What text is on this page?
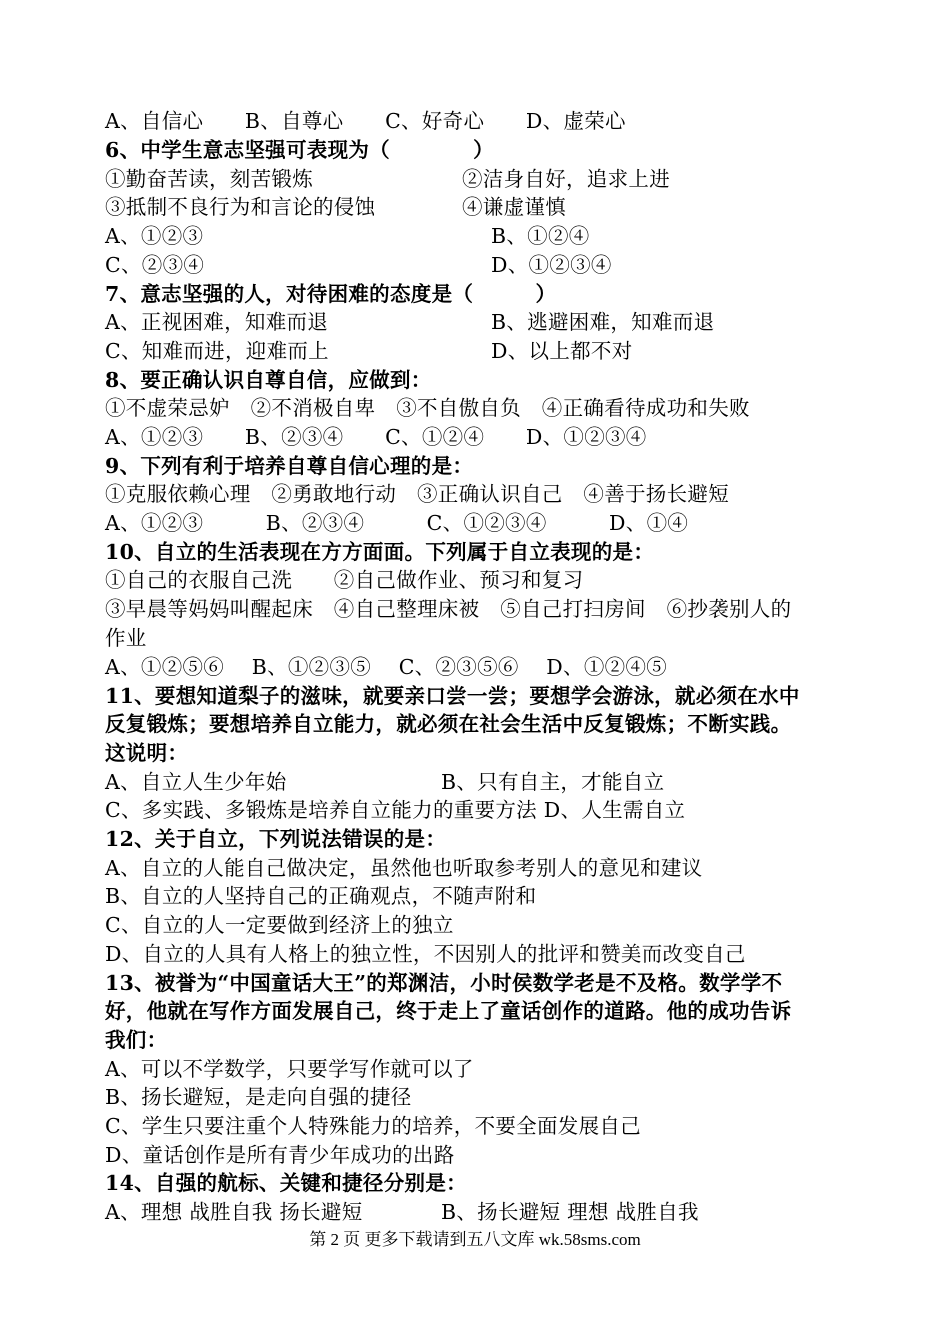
A、自信心　　B、自尊心　　C、好奇心　　D、虚荣心
6、中学生意志坚强可表现为（　　　　）
①勤奋苦读，刻苦锻炼	②洁身自好，追求上进
③抵制不良行为和言论的侵蚀	④谦虚谨慎
A、①②③	B、①②④
C、②③④	D、①②③④
7、意志坚强的人，对待困难的态度是（　　　）
A、正视困难，知难而退	B、逃避困难，知难而退
C、知难而进，迎难而上	D、以上都不对
8、要正确认识自尊自信，应做到：
①不虚荣忌妒　②不消极自卑　③不自傲自负　④正确看待成功和失败
A、①②③　　B、②③④　　C、①②④　　D、①②③④
9、下列有利于培养自尊自信心理的是：
①克服依赖心理　②勇敢地行动　③正确认识自己　④善于扬长避短
A、①②③　　　B、②③④　　　C、①②③④　　　D、①④
10、自立的生活表现在方方面面。下列属于自立表现的是：
①自己的衣服自己洗　　②自己做作业、预习和复习
③早晨等妈妈叫醒起床　④自己整理床被　⑤自己打扫房间　⑥抄袭别人的
作业
A、①②⑤⑥　 B、①②③⑤　 C、②③⑤⑥　 D、①②④⑤
11、要想知道梨子的滋味，就要亲口尝一尝；要想学会游泳，就必须在水中
反复锻炼；要想培养自立能力，就必须在社会生活中反复锻炼；不断实践。
这说明：
A、自立人生少年始	B、只有自主，才能自立
C、多实践、多锻炼是培养自立能力的重要方法 D、人生需自立
12、关于自立，下列说法错误的是：
A、自立的人能自己做决定，虽然他也听取参考别人的意见和建议
B、自立的人坚持自己的正确观点，不随声附和
C、自立的人一定要做到经济上的独立
D、自立的人具有人格上的独立性，不因别人的批评和赞美而改变自己
13、被誉为“中国童话大王”的郑渊洁，小时侯数学老是不及格。数学学不
好，他就在写作方面发展自己，终于走上了童话创作的道路。他的成功告诉
我们：
A、可以不学数学，只要学写作就可以了
B、扬长避短，是走向自强的捷径
C、学生只要注重个人特殊能力的培养，不要全面发展自己
D、童话创作是所有青少年成功的出路
14、自强的航标、关键和捷径分别是：
A、理想 战胜自我 扬长避短	B、扬长避短 理想 战胜自我
第 2 页 更多下载请到五八文库 wk.58sms.com
